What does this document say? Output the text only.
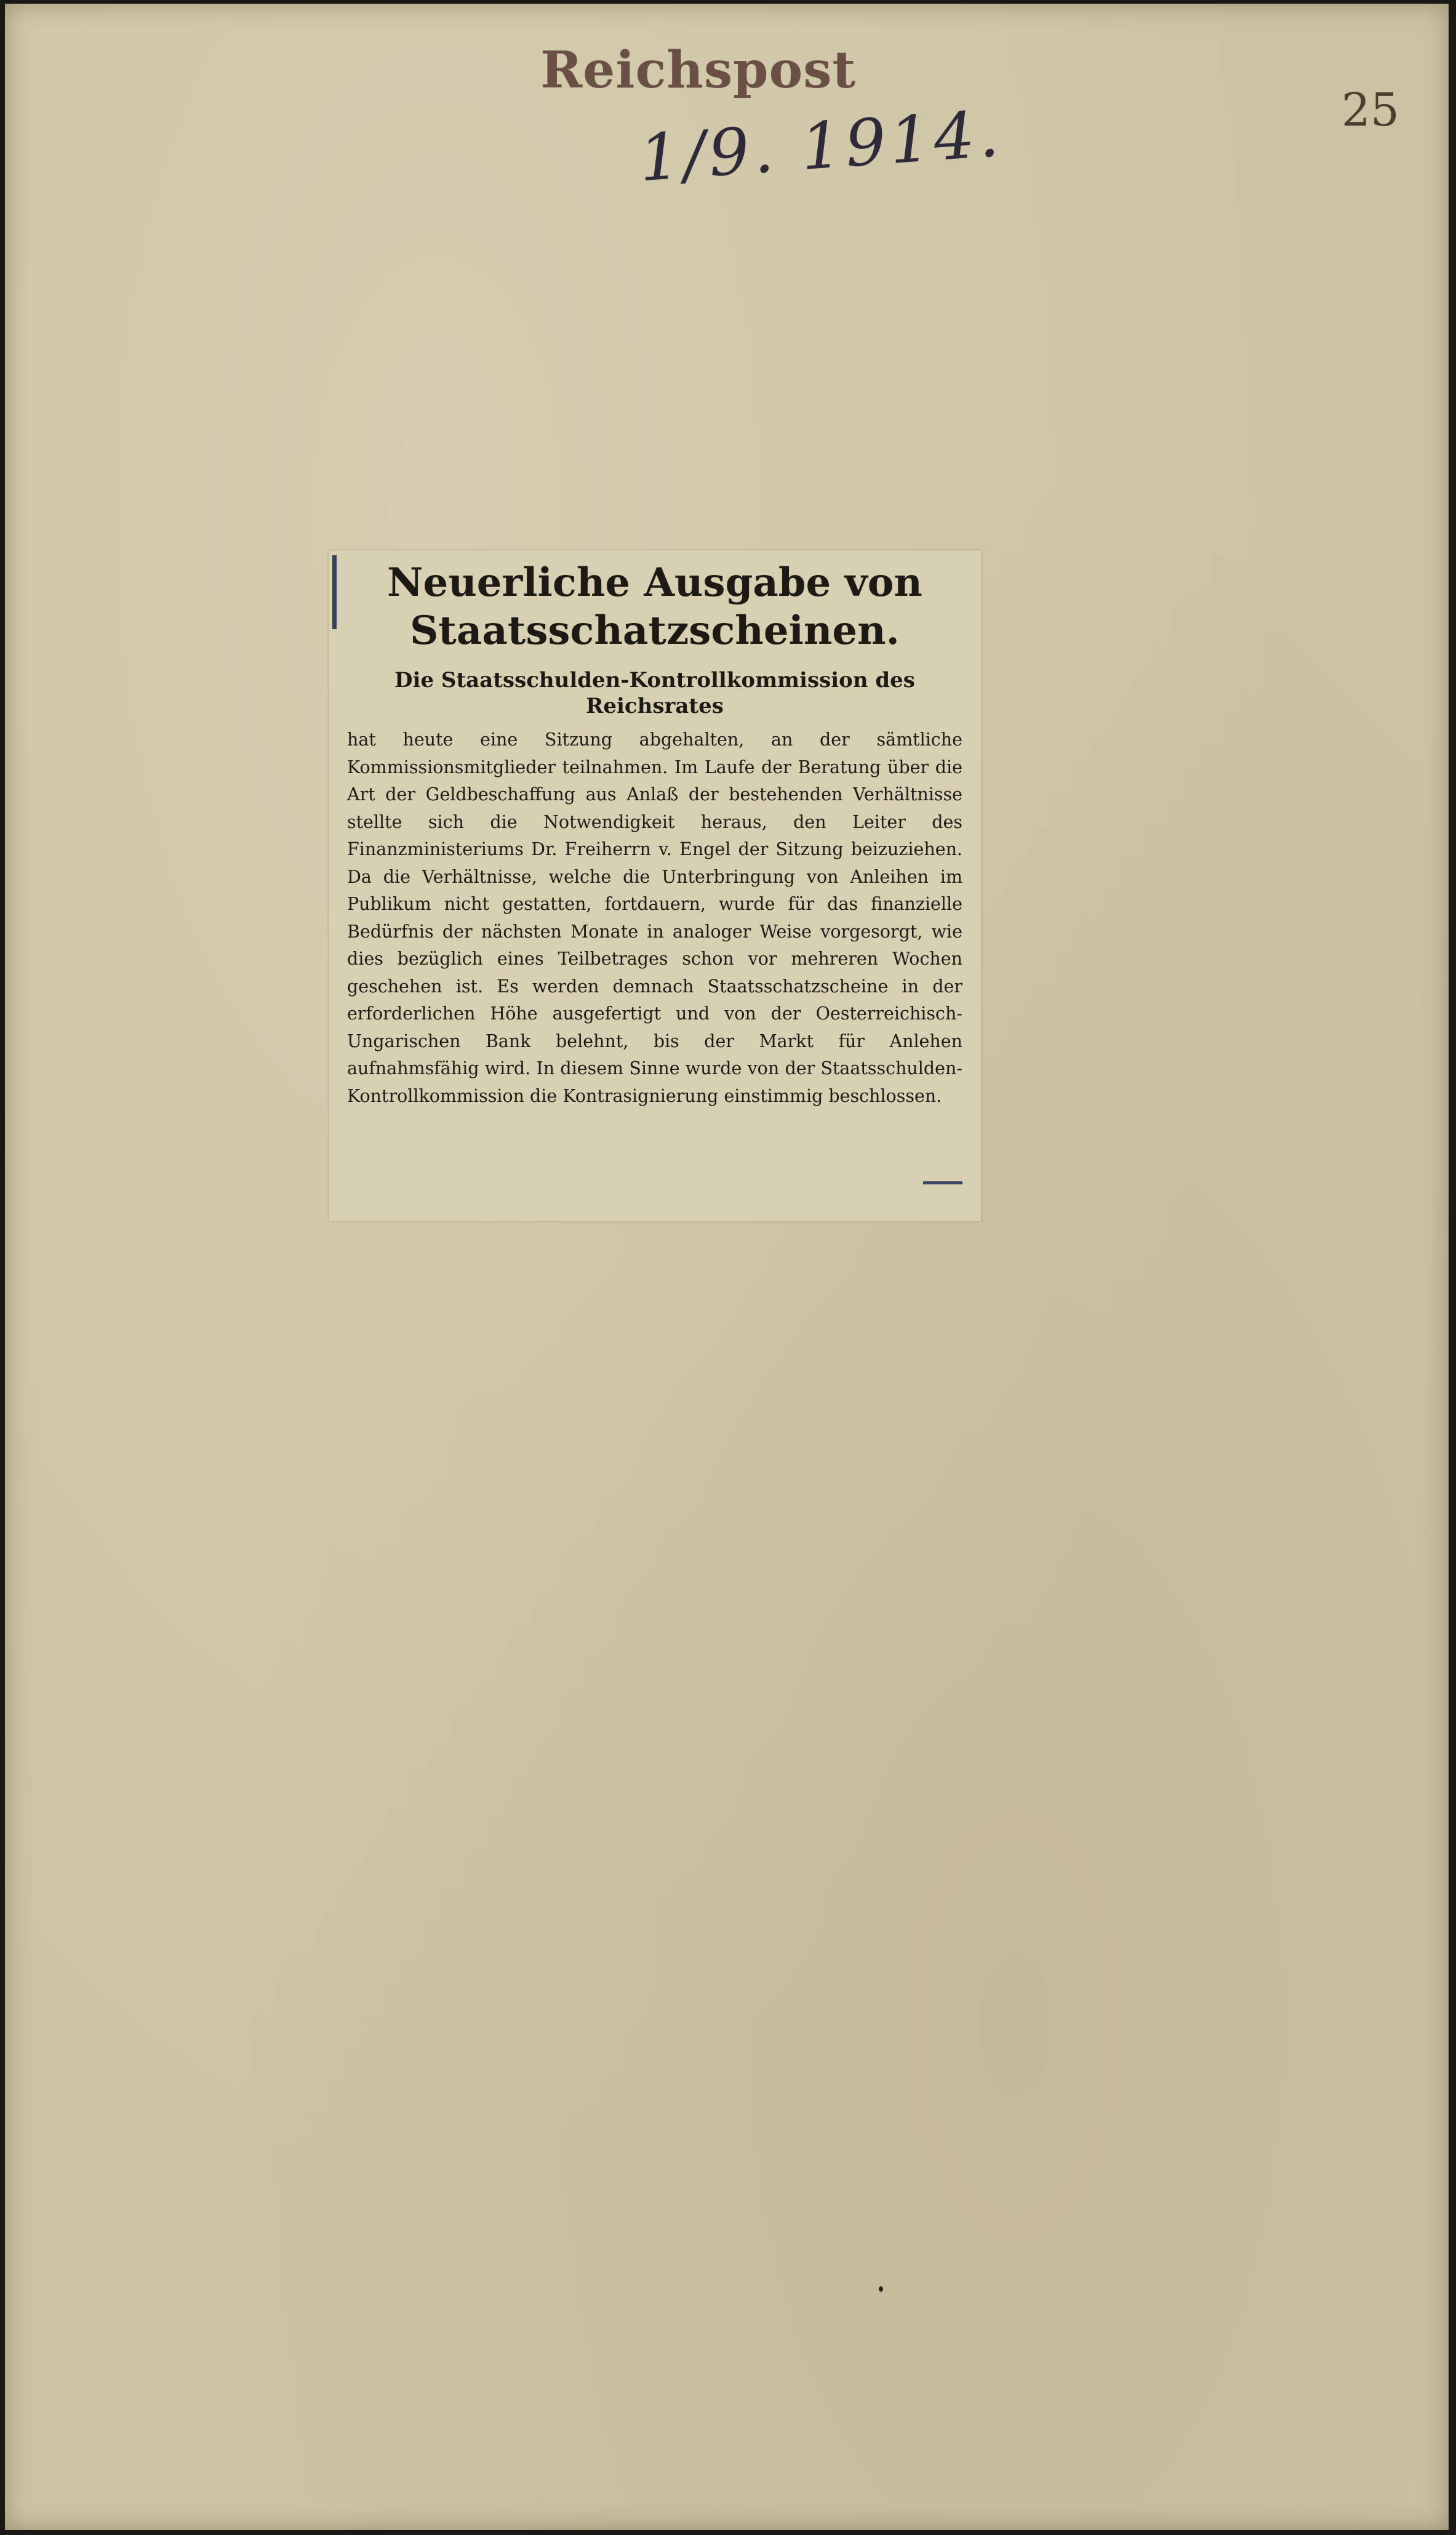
Reichspost
1/9. 1914.	25
Neuerliche Ausgabe von Staatsschatzscheinen.
Die Staatsschulden-Kontrollkommission des Reichsrates

hat heute eine Sitzung abgehalten, an der sämtliche Kommissionsmitglieder teilnahmen. Im Laufe der Beratung über die Art der Geldbeschaffung aus Anlaß der bestehenden Verhältnisse stellte sich die Notwendigkeit heraus, den Leiter des Finanzministeriums Dr. Freiherrn v. Engel der Sitzung beizuziehen. Da die Verhältnisse, welche die Unterbringung von Anleihen im Publikum nicht gestatten, fortdauern, wurde für das finanzielle Bedürfnis der nächsten Monate in analoger Weise vorgesorgt, wie dies bezüglich eines Teilbetrages schon vor mehreren Wochen geschehen ist. Es werden demnach Staatsschatzscheine in der erforderlichen Höhe ausgefertigt und von der Oesterreichisch-Ungarischen Bank belehnt, bis der Markt für Anlehen aufnahmsfähig wird. In diesem Sinne wurde von der Staatsschulden-Kontrollkommission die Kontrasignierung einstimmig beschlossen.
